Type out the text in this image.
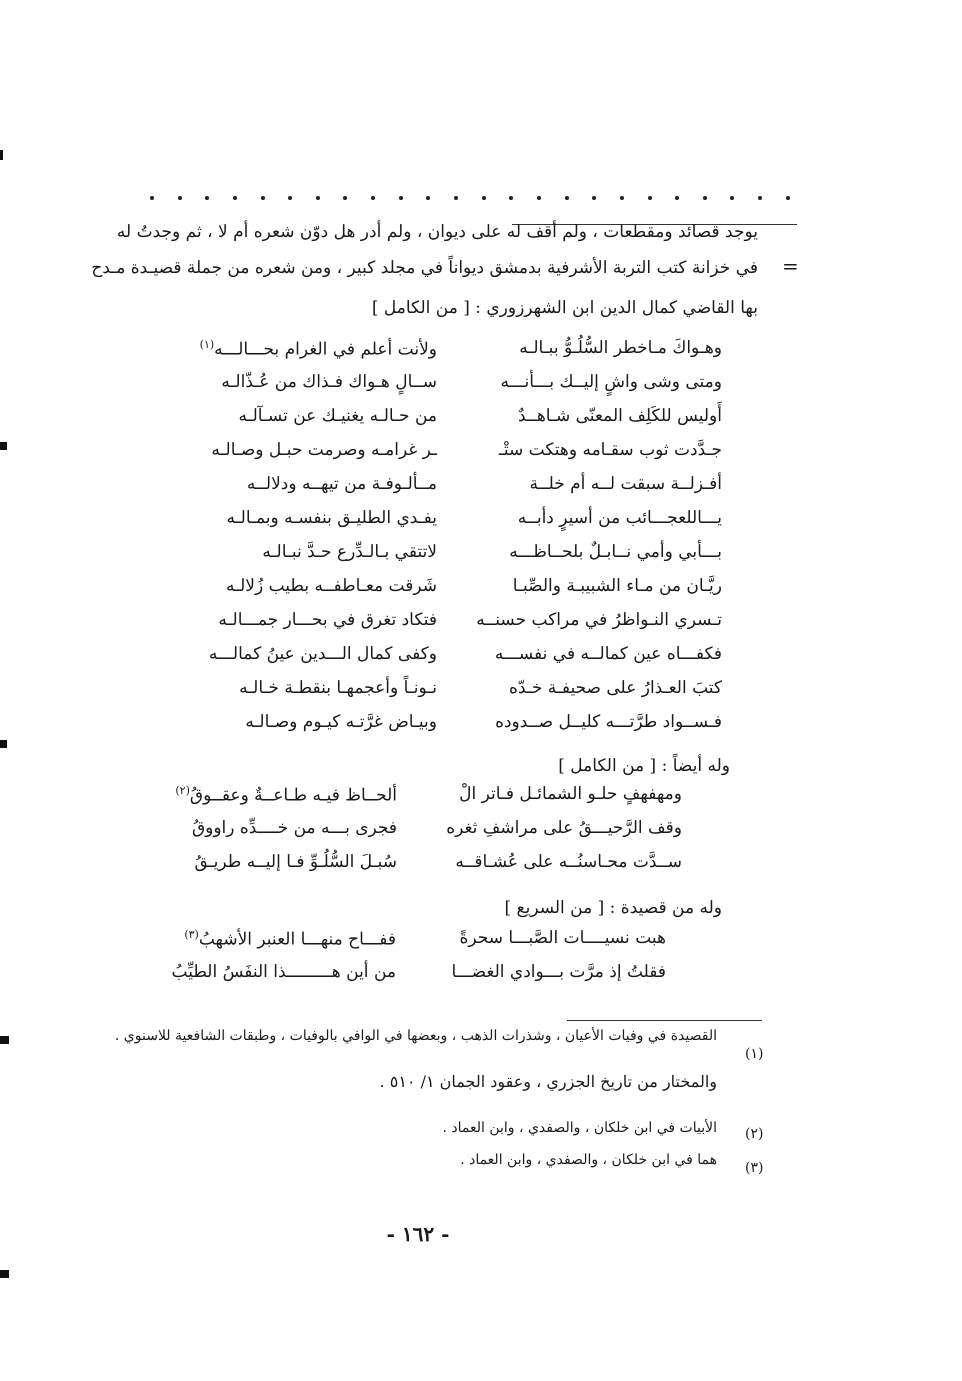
=
يوجد قصائد ومقطعات ، ولم أقف له على ديوان ، ولم أدر هل دوّن شعره أم لا ، ثم وجدتُ له
في خزانة كتب التربة الأشرفية بدمشق ديواناً في مجلد كبير ، ومن شعره من جملة قصيـدة مـدح
بها القاضي كمال الدين ابن الشهرزوري : [ من الكامل ]
وهـواكَ مـاخطر السُّلُـوُّ ببـالـه
ولأنت أعلم في الغرام بحـــالـــه$^{(١)}$
ومتى وشى واشٍ إليــك بـــأنـــه
ســالٍ هـواك فـذاك من عُـذّالـه
أَوليس للكَلِف المعنّى شـاهــدٌ
من حـالـه يغنيـك عن تسـآلـه
جـدَّدت ثوب سقـامه وهتكت ستْـ
ـر غرامـه وصرمت حبـل وصـالـه
أفـزلــة سبقت لــه أم خلــة
مــألـوفـة من تيهــه ودلالــه
يـــاللعجـــائب من أسيرٍ دأبــه
يفـدي الطليـق بنفسـه وبمـالـه
بـــأبي وأمي نــابـلٌ بلحــاظـــه
لاتتقي بـالـدِّرع حـدَّ نبـالـه
ريَّـان من مـاء الشبيبـة والصِّبـا
شَرقت معـاطفــه بطيب زُلالـه
تـسري النـواظرُ في مراكب حسنــه
فتكاد تغرق في بحـــار جمـــالـه
فكفـــاه عين كمالــه في نفســـه
وكفى كمال الـــدين عينُ كمالـــه
كتبَ العـذارُ على صحيفـة خـدّه
نـونـاً وأعجمهـا بنقطـة خـالـه
فـســواد طرَّتـــه كليــل صــدوده
وبيـاض غرَّتـه كيـوم وصـالـه
وله أيضاً : [ من الكامل ]
ومهفهفٍ حلـو الشمائـل فـاتر الْ
ألحــاظ فيـه طـاعــةٌ وعقــوقُ$^{(٢)}$
وقف الرَّحيـــقُ على مراشفِ ثغره
فجرى بـــه من خــــدِّه راووقُ
ســدَّت محـاسنُــه على عُشـاقــه
سُبـلَ السُّلُـوِّ فـا إليــه طريـقُ
وله من قصيدة : [ من السريع ]
هبت نسيــــات الصَّبـــا سحرةً
ففـــاح منهـــا العنبر الأشهبُ$^{(٣)}$
فقلتُ إذ مرَّت بـــوادي الغضـــا
من أين هـــــــــذا النفَسُ الطيِّبُ
(١)
القصيدة في وفيات الأعيان ، وشذرات الذهب ، وبعضها في الوافي بالوفيات ، وطبقات الشافعية للاسنوي .
والمختار من تاريخ الجزري ، وعقود الجمان ١/ ٥١٠ .
(٢)
الأبيات في ابن خلكان ، والصفدي ، وابن العماد .
(٣)
هما في ابن خلكان ، والصفدي ، وابن العماد .
- ١٦٢ -
